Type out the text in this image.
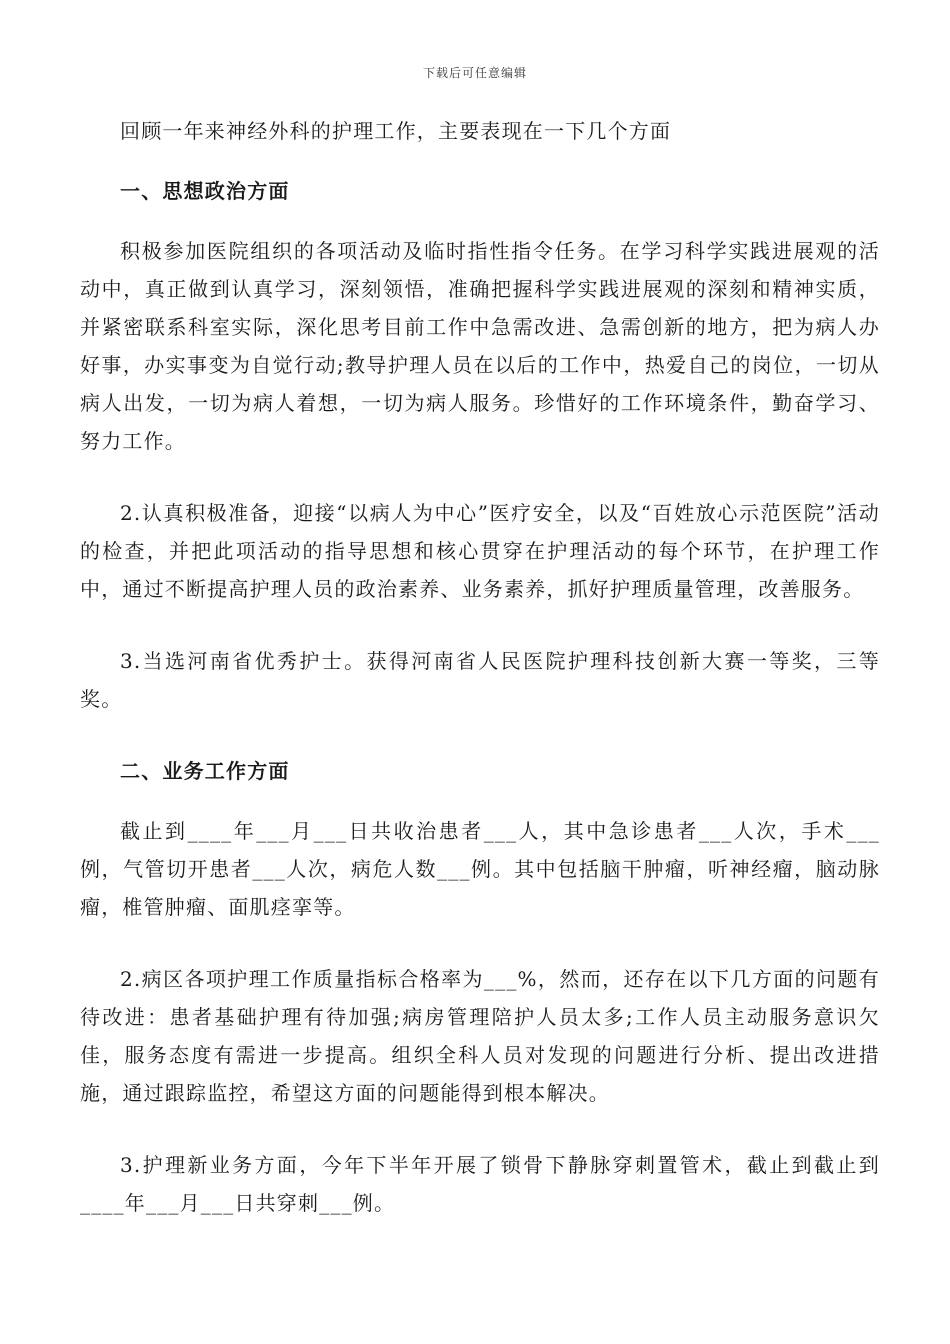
下载后可任意编辑

回顾一年来神经外科的护理工作，主要表现在一下几个方面

一、思想政治方面

积极参加医院组织的各项活动及临时指性指令任务。在学习科学实践进展观的活动中，真正做到认真学习，深刻领悟，准确把握科学实践进展观的深刻和精神实质，并紧密联系科室实际，深化思考目前工作中急需改进、急需创新的地方，把为病人办好事，办实事变为自觉行动;教导护理人员在以后的工作中，热爱自己的岗位，一切从病人出发，一切为病人着想，一切为病人服务。珍惜好的工作环境条件，勤奋学习、努力工作。

2.认真积极准备，迎接“以病人为中心”医疗安全，以及“百姓放心示范医院”活动的检查，并把此项活动的指导思想和核心贯穿在护理活动的每个环节，在护理工作中，通过不断提高护理人员的政治素养、业务素养，抓好护理质量管理，改善服务。

3.当选河南省优秀护士。获得河南省人民医院护理科技创新大赛一等奖，三等奖。

二、业务工作方面

截止到____年___月___日共收治患者___人，其中急诊患者___人次，手术___例，气管切开患者___人次，病危人数___例。其中包括脑干肿瘤，听神经瘤，脑动脉瘤，椎管肿瘤、面肌痉挛等。

2.病区各项护理工作质量指标合格率为___%，然而，还存在以下几方面的问题有待改进：患者基础护理有待加强;病房管理陪护人员太多;工作人员主动服务意识欠佳，服务态度有需进一步提高。组织全科人员对发现的问题进行分析、提出改进措施，通过跟踪监控，希望这方面的问题能得到根本解决。

3.护理新业务方面，今年下半年开展了锁骨下静脉穿刺置管术，截止到截止到____年___月___日共穿刺___例。
